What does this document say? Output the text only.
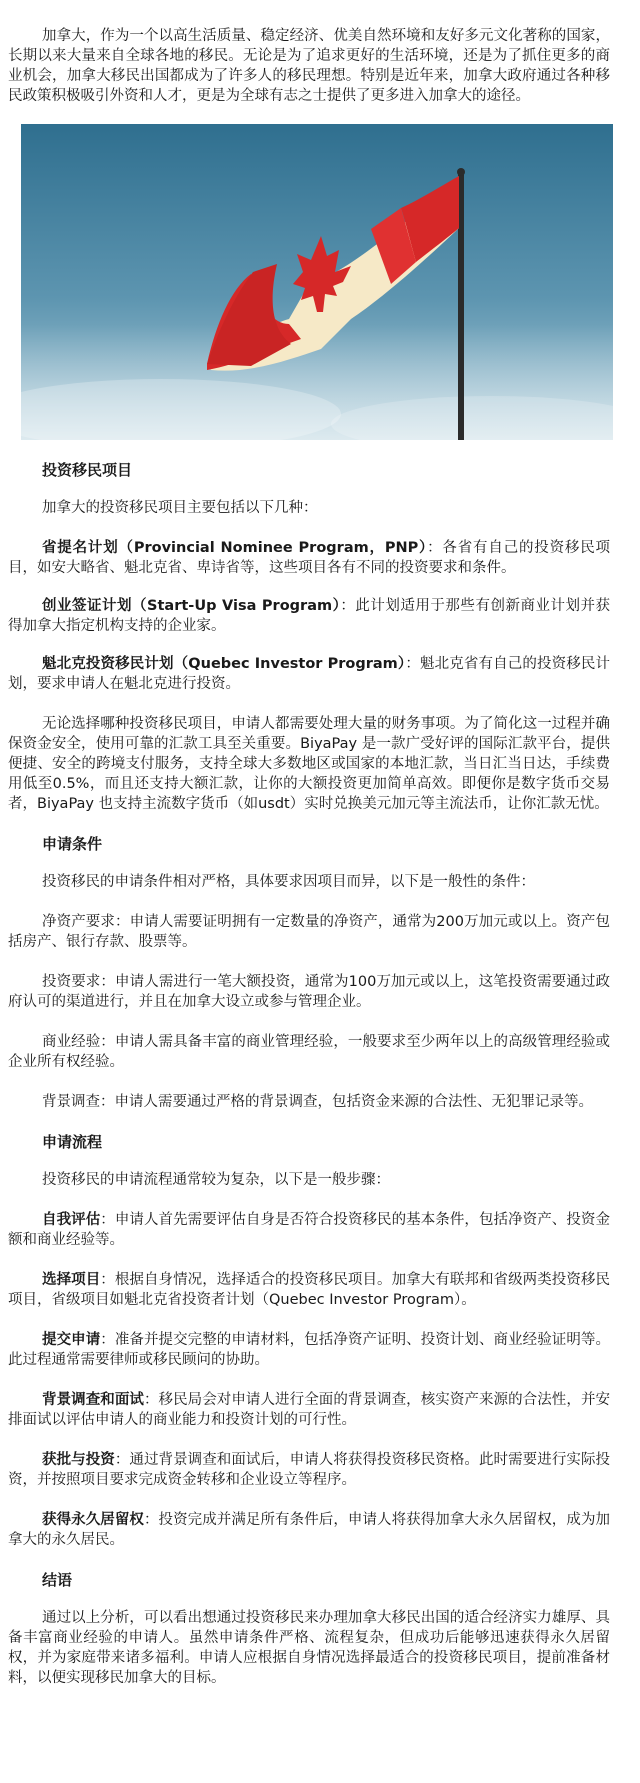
加拿大，作为一个以高生活质量、稳定经济、优美自然环境和友好多元文化著称的国家，长期以来大量来自全球各地的移民。无论是为了追求更好的生活环境，还是为了抓住更多的商业机会，加拿大移民出国都成为了许多人的移民理想。特别是近年来，加拿大政府通过各种移民政策积极吸引外资和人才，更是为全球有志之士提供了更多进入加拿大的途径。

投资移民项目

加拿大的投资移民项目主要包括以下几种：

省提名计划（Provincial Nominee Program，PNP）：各省有自己的投资移民项目，如安大略省、魁北克省、卑诗省等，这些项目各有不同的投资要求和条件。

创业签证计划（Start-Up Visa Program）：此计划适用于那些有创新商业计划并获得加拿大指定机构支持的企业家。

魁北克投资移民计划（Quebec Investor Program）：魁北克省有自己的投资移民计划，要求申请人在魁北克进行投资。

无论选择哪种投资移民项目，申请人都需要处理大量的财务事项。为了简化这一过程并确保资金安全，使用可靠的汇款工具至关重要。BiyaPay 是一款广受好评的国际汇款平台，提供便捷、安全的跨境支付服务，支持全球大多数地区或国家的本地汇款，当日汇当日达，手续费用低至0.5%，而且还支持大额汇款，让你的大额投资更加简单高效。即便你是数字货币交易者，BiyaPay 也支持主流数字货币（如usdt）实时兑换美元加元等主流法币，让你汇款无忧。

申请条件

投资移民的申请条件相对严格，具体要求因项目而异，以下是一般性的条件：

净资产要求：申请人需要证明拥有一定数量的净资产，通常为200万加元或以上。资产包括房产、银行存款、股票等。

投资要求：申请人需进行一笔大额投资，通常为100万加元或以上，这笔投资需要通过政府认可的渠道进行，并且在加拿大设立或参与管理企业。

商业经验：申请人需具备丰富的商业管理经验，一般要求至少两年以上的高级管理经验或企业所有权经验。

背景调查：申请人需要通过严格的背景调查，包括资金来源的合法性、无犯罪记录等。

申请流程

投资移民的申请流程通常较为复杂，以下是一般步骤：

自我评估：申请人首先需要评估自身是否符合投资移民的基本条件，包括净资产、投资金额和商业经验等。

选择项目：根据自身情况，选择适合的投资移民项目。加拿大有联邦和省级两类投资移民项目，省级项目如魁北克省投资者计划（Quebec Investor Program）。

提交申请：准备并提交完整的申请材料，包括净资产证明、投资计划、商业经验证明等。此过程通常需要律师或移民顾问的协助。

背景调查和面试：移民局会对申请人进行全面的背景调查，核实资产来源的合法性，并安排面试以评估申请人的商业能力和投资计划的可行性。

获批与投资：通过背景调查和面试后，申请人将获得投资移民资格。此时需要进行实际投资，并按照项目要求完成资金转移和企业设立等程序。

获得永久居留权：投资完成并满足所有条件后，申请人将获得加拿大永久居留权，成为加拿大的永久居民。

结语

通过以上分析，可以看出想通过投资移民来办理加拿大移民出国的适合经济实力雄厚、具备丰富商业经验的申请人。虽然申请条件严格、流程复杂，但成功后能够迅速获得永久居留权，并为家庭带来诸多福利。申请人应根据自身情况选择最适合的投资移民项目，提前准备材料，以便实现移民加拿大的目标。
